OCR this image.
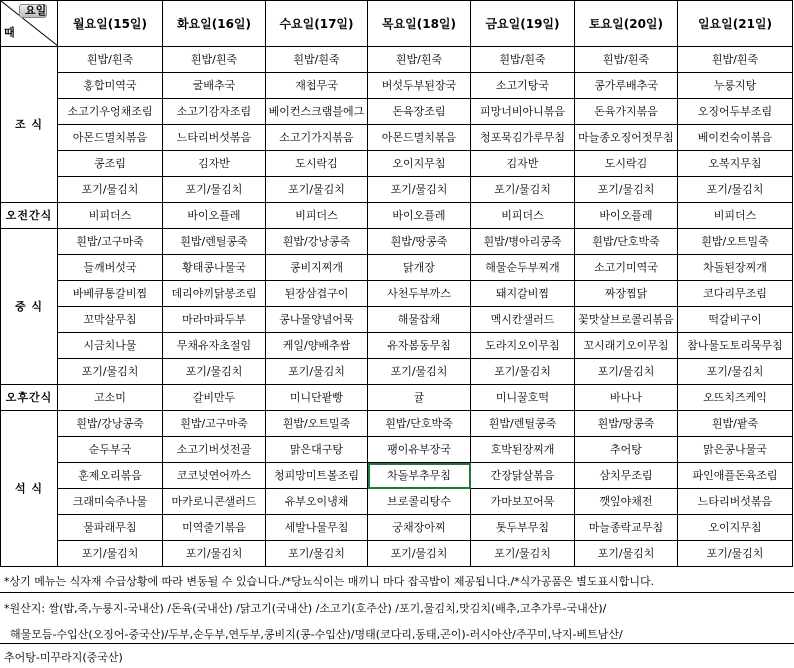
요일
때	월요일(15일)	화요일(16일)	수요일(17일)	목요일(18일)	금요일(19일)	토요일(20일)	일요일(21일)
조 식	흰밥/흰죽	흰밥/흰죽	흰밥/흰죽	흰밥/흰죽	흰밥/흰죽	흰밥/흰죽	흰밥/흰죽
	홍합미역국	굴배추국	재첩무국	버섯두부된장국	소고기탕국	콩가루배추국	누룽지탕
	소고기우엉채조림	소고기감자조림	베이컨스크램블에그	돈육장조림	피망너비아니볶음	돈육가지볶음	오징어두부조림
	아몬드멸치볶음	느타리버섯볶음	소고기가지볶음	아몬드멸치볶음	청포묵김가루무침	마늘종오징어젓무침	베이컨숙이볶음
	콩조림	김자반	도시락김	오이지무침	김자반	도시락김	오복지무침
	포기/물김치	포기/물김치	포기/물김치	포기/물김치	포기/물김치	포기/물김치	포기/물김치
오전간식	비피더스	바이오플레	비피더스	바이오플레	비피더스	바이오플레	비피더스
중 식	흰밥/고구마죽	흰밥/렌틸콩죽	흰밥/강낭콩죽	흰밥/땅콩죽	흰밥/병아리콩죽	흰밥/단호박죽	흰밥/오트밀죽
	들깨버섯국	황태콩나물국	콩비지찌개	닭개장	해물순두부찌개	소고기미역국	차돌된장찌개
	바베큐통갈비찜	데리야끼닭봉조림	된장삼겹구이	사천두부까스	돼지갈비찜	짜장찜닭	코다리무조림
	꼬막살무침	마라마파두부	콩나물양념어묵	해물잡채	멕시칸샐러드	꽃맛살브로콜리볶음	떡갈비구이
	시금치나물	무채유자초절임	케일/양배추쌈	유자봄동무침	도라지오이무침	꼬시래기오이무침	참나물도토리묵무침
	포기/물김치	포기/물김치	포기/물김치	포기/물김치	포기/물김치	포기/물김치	포기/물김치
오후간식	고소미	갈비만두	미니단팥빵	귤	미니꿀호떡	바나나	오뜨치즈케익
석 식	흰밥/강낭콩죽	흰밥/고구마죽	흰밥/오트밀죽	흰밥/단호박죽	흰밥/렌틸콩죽	흰밥/땅콩죽	흰밥/팥죽
	순두부국	소고기버섯전골	맑은대구탕	팽이유부장국	호박된장찌개	추어탕	맑은콩나물국
	훈제오리볶음	코코넛연어까스	청피망미트볼조림	차돌부추무침	간장닭살볶음	삼치무조림	파인애플돈육조림
	크래미숙주나물	마카로니콘샐러드	유부오이냉채	브로콜리탕수	가마보꼬어묵	깻잎야채전	느타리버섯볶음
	물파래무침	미역줄기볶음	세발나물무침	궁채장아찌	톳두부무침	마늘종락교무침	오이지무침
	포기/물김치	포기/물김치	포기/물김치	포기/물김치	포기/물김치	포기/물김치	포기/물김치
*상기 메뉴는 식자재 수급상황에 따라 변동될 수 있습니다./*당뇨식이는 매끼니 마다 잡곡밥이 제공됩니다./*식가공품은 별도표시합니다.
*원산지: 쌀(밥,죽,누룽지-국내산) /돈육(국내산) /닭고기(국내산) /소고기(호주산) /포기,물김치,맛김치(배추,고추가루-국내산)/
해물모듬-수입산(오징어-중국산)/두부,순두부,연두부,콩비지(콩-수입산)/명태(코다리,동태,곤이)-러시아산/주꾸미,낙지-베트남산/
추어탕-미꾸라지(중국산)
